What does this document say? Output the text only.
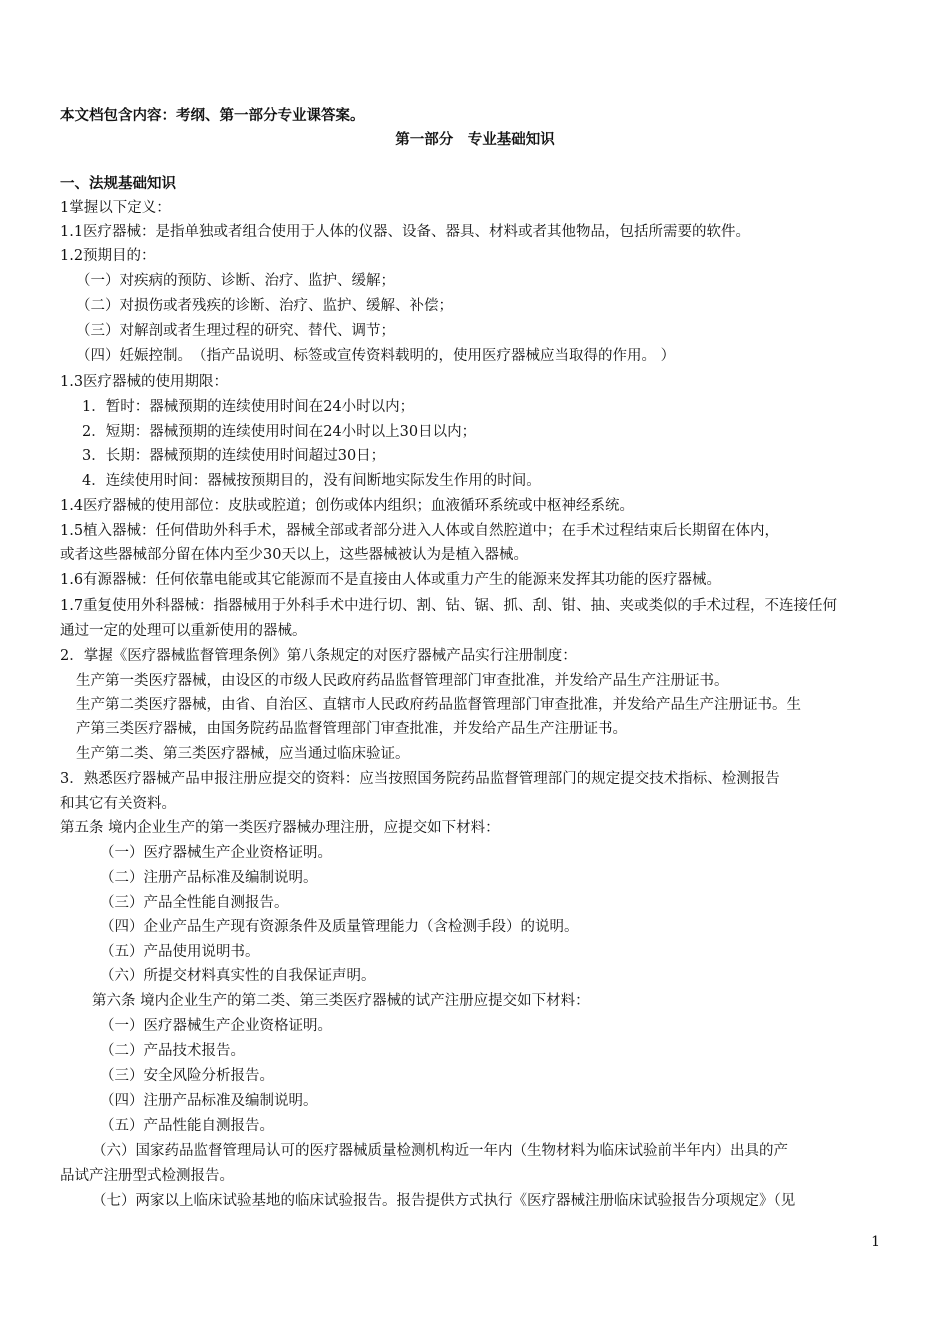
本文档包含内容：考纲、第一部分专业课答案。
第一部分　专业基础知识
一、法规基础知识
1掌握以下定义：
1.1医疗器械：是指单独或者组合使用于人体的仪器、设备、器具、材料或者其他物品，包括所需要的软件。
1.2预期目的：
（一）对疾病的预防、诊断、治疗、监护、缓解；
（二）对损伤或者残疾的诊断、治疗、监护、缓解、补偿；
（三）对解剖或者生理过程的研究、替代、调节；
（四）妊娠控制。　（指产品说明、标签或宣传资料载明的，使用医疗器械应当取得的作用。 ）
1.3医疗器械的使用期限：
1．暂时：器械预期的连续使用时间在24小时以内；
2．短期：器械预期的连续使用时间在24小时以上30日以内；
3．长期：器械预期的连续使用时间超过30日；
4．连续使用时间：器械按预期目的，没有间断地实际发生作用的时间。
1.4医疗器械的使用部位：皮肤或腔道；创伤或体内组织；血液循环系统或中枢神经系统。
1.5植入器械：任何借助外科手术，器械全部或者部分进入人体或自然腔道中；在手术过程结束后长期留在体内，
或者这些器械部分留在体内至少30天以上，这些器械被认为是植入器械。
1.6有源器械：任何依靠电能或其它能源而不是直接由人体或重力产生的能源来发挥其功能的医疗器械。
1.7重复使用外科器械：指器械用于外科手术中进行切、割、钻、锯、抓、刮、钳、抽、夹或类似的手术过程，不连接任何
通过一定的处理可以重新使用的器械。
2．掌握《医疗器械监督管理条例》第八条规定的对医疗器械产品实行注册制度：
生产第一类医疗器械，由设区的市级人民政府药品监督管理部门审查批准，并发给产品生产注册证书。
生产第二类医疗器械，由省、自治区、直辖市人民政府药品监督管理部门审查批准，并发给产品生产注册证书。生
产第三类医疗器械，由国务院药品监督管理部门审查批准，并发给产品生产注册证书。
生产第二类、第三类医疗器械，应当通过临床验证。
3．熟悉医疗器械产品申报注册应提交的资料：应当按照国务院药品监督管理部门的规定提交技术指标、检测报告
和其它有关资料。
第五条 境内企业生产的第一类医疗器械办理注册，应提交如下材料：
（一）医疗器械生产企业资格证明。
（二）注册产品标准及编制说明。
（三）产品全性能自测报告。
（四）企业产品生产现有资源条件及质量管理能力（含检测手段）的说明。
（五）产品使用说明书。
（六）所提交材料真实性的自我保证声明。
第六条 境内企业生产的第二类、第三类医疗器械的试产注册应提交如下材料：
（一）医疗器械生产企业资格证明。
（二）产品技术报告。
（三）安全风险分析报告。
（四）注册产品标准及编制说明。
（五）产品性能自测报告。
（六）国家药品监督管理局认可的医疗器械质量检测机构近一年内（生物材料为临床试验前半年内）出具的产
品试产注册型式检测报告。
（七）两家以上临床试验基地的临床试验报告。报告提供方式执行《医疗器械注册临床试验报告分项规定》（见
1
